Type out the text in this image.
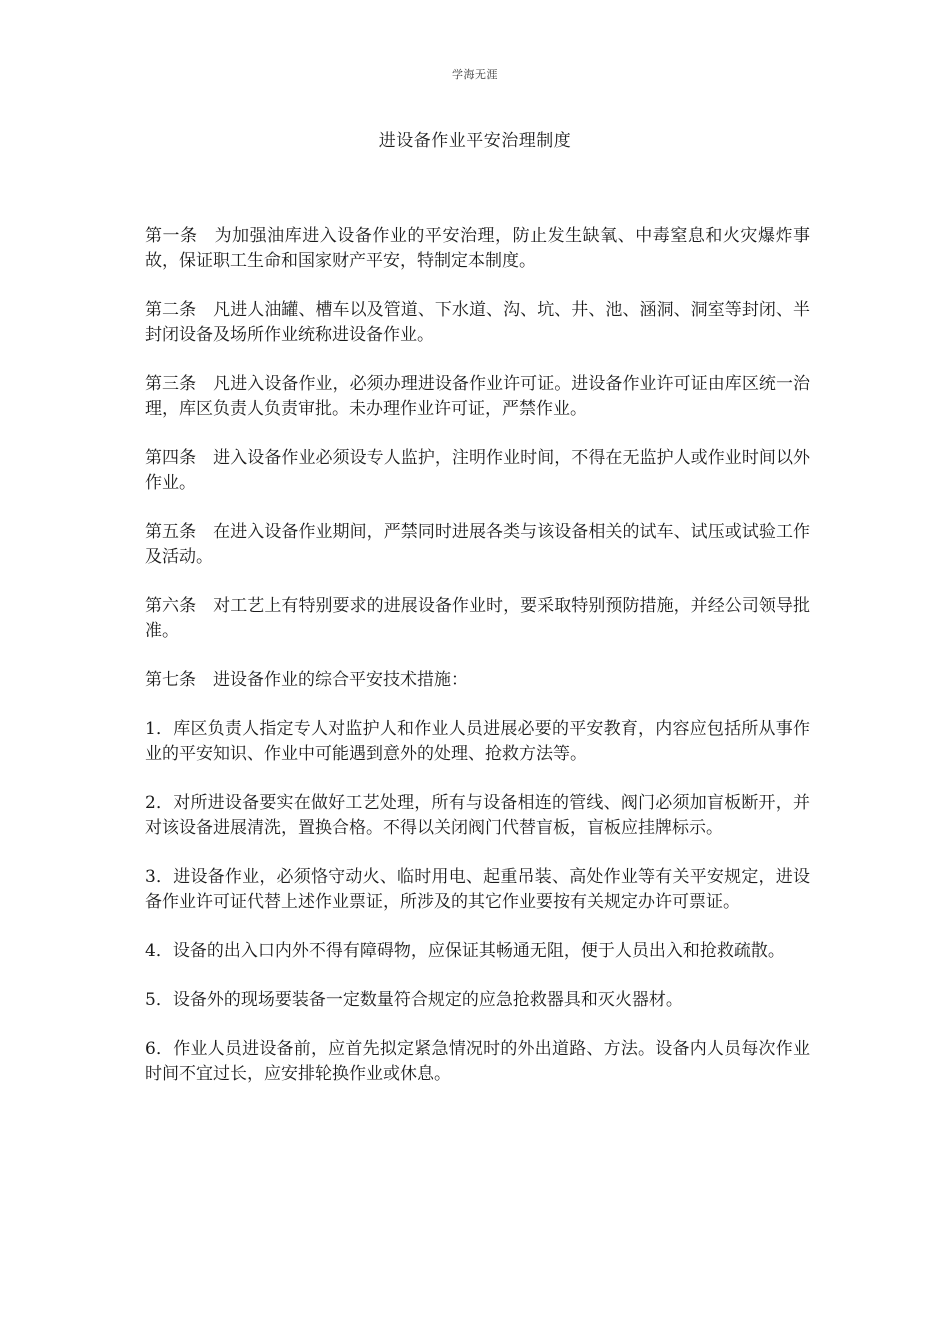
学海无涯
进设备作业平安治理制度

第一条 为加强油库进入设备作业的平安治理，防止发生缺氧、中毒窒息和火灾爆炸事故，保证职工生命和国家财产平安，特制定本制度。

第二条 凡进人油罐、槽车以及管道、下水道、沟、坑、井、池、涵洞、洞室等封闭、半封闭设备及场所作业统称进设备作业。

第三条 凡进入设备作业，必须办理进设备作业许可证。进设备作业许可证由库区统一治理，库区负责人负责审批。未办理作业许可证，严禁作业。

第四条 进入设备作业必须设专人监护，注明作业时间，不得在无监护人或作业时间以外作业。

第五条 在进入设备作业期间，严禁同时进展各类与该设备相关的试车、试压或试验工作及活动。

第六条 对工艺上有特别要求的进展设备作业时，要采取特别预防措施，并经公司领导批准。

第七条 进设备作业的综合平安技术措施：

1．库区负责人指定专人对监护人和作业人员进展必要的平安教育，内容应包括所从事作业的平安知识、作业中可能遇到意外的处理、抢救方法等。

2．对所进设备要实在做好工艺处理，所有与设备相连的管线、阀门必须加盲板断开，并对该设备进展清洗，置换合格。不得以关闭阀门代替盲板，盲板应挂牌标示。

3．进设备作业，必须恪守动火、临时用电、起重吊装、高处作业等有关平安规定，进设备作业许可证代替上述作业票证，所涉及的其它作业要按有关规定办许可票证。

4．设备的出入口内外不得有障碍物，应保证其畅通无阻，便于人员出入和抢救疏散。

5．设备外的现场要装备一定数量符合规定的应急抢救器具和灭火器材。

6．作业人员进设备前，应首先拟定紧急情况时的外出道路、方法。设备内人员每次作业时间不宜过长，应安排轮换作业或休息。
